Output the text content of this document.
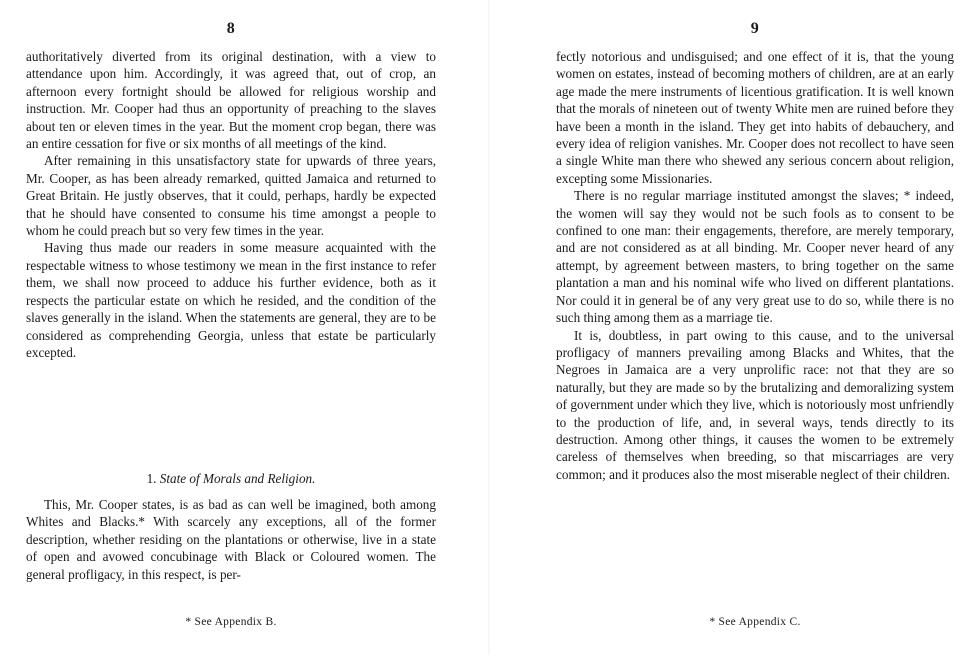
8

authoritatively diverted from its original destination, with a view to attendance upon him. Accordingly, it was agreed that, out of crop, an afternoon every fortnight should be allowed for religious worship and instruction. Mr. Cooper had thus an opportunity of preaching to the slaves about ten or eleven times in the year. But the moment crop began, there was an entire cessation for five or six months of all meetings of the kind.

After remaining in this unsatisfactory state for upwards of three years, Mr. Cooper, as has been already remarked, quitted Jamaica and returned to Great Britain. He justly observes, that it could, perhaps, hardly be expected that he should have consented to consume his time amongst a people to whom he could preach but so very few times in the year.

Having thus made our readers in some measure acquainted with the respectable witness to whose testimony we mean in the first instance to refer them, we shall now proceed to adduce his further evidence, both as it respects the particular estate on which he resided, and the condition of the slaves generally in the island. When the statements are general, they are to be considered as comprehending Georgia, unless that estate be particularly excepted.

1. State of Morals and Religion.

This, Mr. Cooper states, is as bad as can well be imagined, both among Whites and Blacks.* With scarcely any exceptions, all of the former description, whether residing on the plantations or otherwise, live in a state of open and avowed concubinage with Black or Coloured women. The general profligacy, in this respect, is per-

* See Appendix B.
9

fectly notorious and undisguised; and one effect of it is, that the young women on estates, instead of becoming mothers of children, are at an early age made the mere instruments of licentious gratification. It is well known that the morals of nineteen out of twenty White men are ruined before they have been a month in the island. They get into habits of debauchery, and every idea of religion vanishes. Mr. Cooper does not recollect to have seen a single White man there who shewed any serious concern about religion, excepting some Missionaries.

There is no regular marriage instituted amongst the slaves; * indeed, the women will say they would not be such fools as to consent to be confined to one man: their engagements, therefore, are merely temporary, and are not considered as at all binding. Mr. Cooper never heard of any attempt, by agreement between masters, to bring together on the same plantation a man and his nominal wife who lived on different plantations. Nor could it in general be of any very great use to do so, while there is no such thing among them as a marriage tie.

It is, doubtless, in part owing to this cause, and to the universal profligacy of manners prevailing among Blacks and Whites, that the Negroes in Jamaica are a very unprolific race: not that they are so naturally, but they are made so by the brutalizing and demoralizing system of government under which they live, which is notoriously most unfriendly to the production of life, and, in several ways, tends directly to its destruction. Among other things, it causes the women to be extremely careless of themselves when breeding, so that miscarriages are very common; and it produces also the most miserable neglect of their children.

* See Appendix C.
